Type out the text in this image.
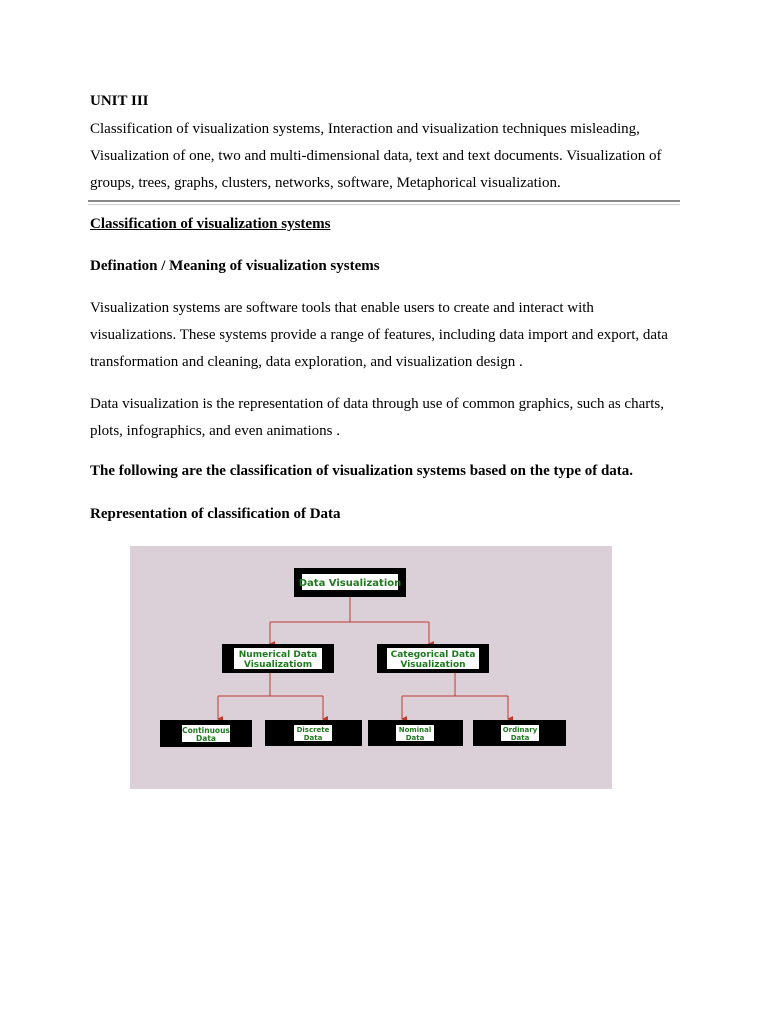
UNIT III

Classification of visualization systems, Interaction and visualization techniques misleading, Visualization of one, two and multi-dimensional data, text and text documents. Visualization of groups, trees, graphs, clusters, networks, software, Metaphorical visualization.

Classification of visualization systems

Defination / Meaning of visualization systems

Visualization systems are software tools that enable users to create and interact with visualizations. These systems provide a range of features, including data import and export, data transformation and cleaning, data exploration, and visualization design .

Data visualization is the representation of data through use of common graphics, such as charts, plots, infographics, and even animations .

The following are the classification of visualization systems based on the type of data.

Representation of classification of Data

Data Visualization
Numerical Data
Visualizatiom
Categorical Data
Visualization
Continuous
Data
Discrete
Data
Nominal
Data
Ordinary
Data
